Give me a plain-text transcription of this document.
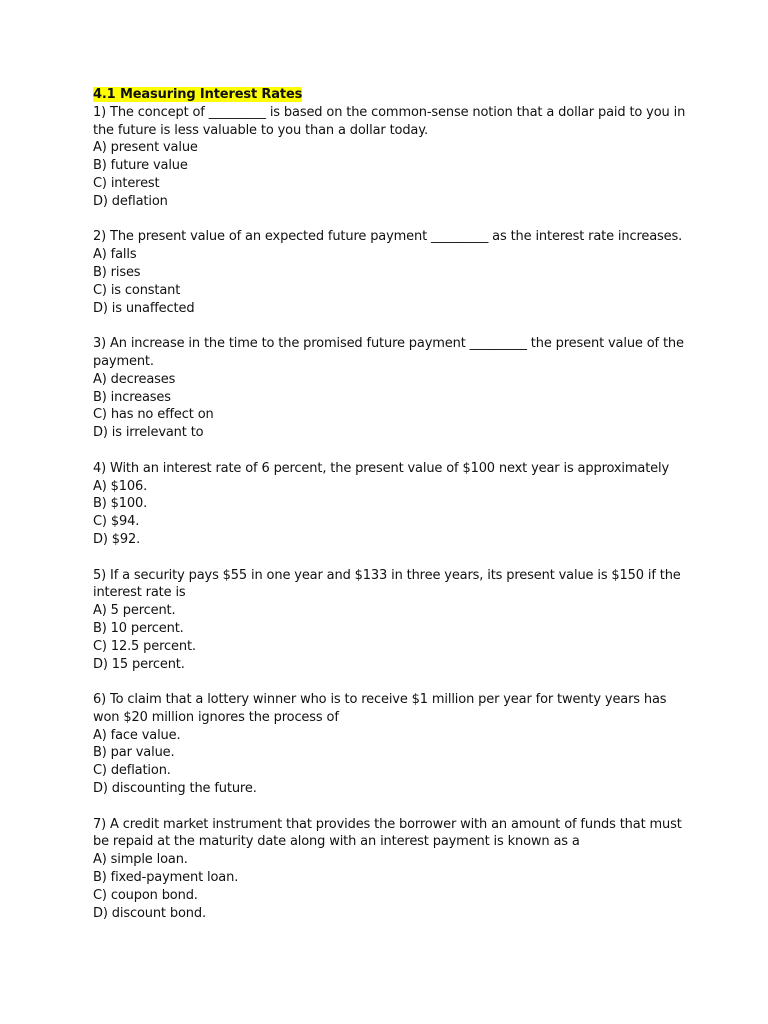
4.1 Measuring Interest Rates

1) The concept of _________ is based on the common-sense notion that a dollar paid to you in the future is less valuable to you than a dollar today.

A) present value
B) future value
C) interest
D) deflation

2) The present value of an expected future payment _________ as the interest rate increases.

A) falls
B) rises
C) is constant
D) is unaffected

3) An increase in the time to the promised future payment _________ the present value of the payment.

A) decreases
B) increases
C) has no effect on
D) is irrelevant to

4) With an interest rate of 6 percent, the present value of $100 next year is approximately

A) $106.
B) $100.
C) $94.
D) $92.

5) If a security pays $55 in one year and $133 in three years, its present value is $150 if the interest rate is

A) 5 percent.
B) 10 percent.
C) 12.5 percent.
D) 15 percent.

6) To claim that a lottery winner who is to receive $1 million per year for twenty years has won $20 million ignores the process of

A) face value.
B) par value.
C) deflation.
D) discounting the future.

7) A credit market instrument that provides the borrower with an amount of funds that must be repaid at the maturity date along with an interest payment is known as a

A) simple loan.
B) fixed-payment loan.
C) coupon bond.
D) discount bond.
